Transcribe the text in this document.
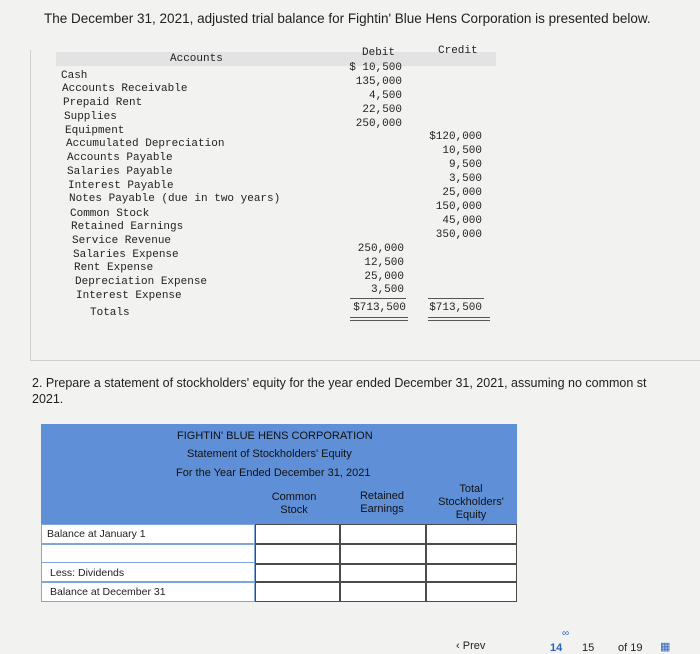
The December 31, 2021, adjusted trial balance for Fightin' Blue Hens Corporation is presented below.
Accounts	Debit	Credit
Cash
Accounts Receivable
Prepaid Rent
Supplies
Equipment
Accumulated Depreciation
Accounts Payable
Salaries Payable
Interest Payable
Notes Payable (due in two years)
Common Stock
Retained Earnings
Service Revenue
Salaries Expense
Rent Expense
Depreciation Expense
Interest Expense
Totals
$ 10,500
135,000
4,500
22,500
250,000
250,000
12,500
25,000
3,500
$713,500
$120,000
10,500
9,500
3,500
25,000
150,000
45,000
350,000
$713,500
2. Prepare a statement of stockholders' equity for the year ended December 31, 2021, assuming no common st
2021.
FIGHTIN' BLUE HENS CORPORATION
Statement of Stockholders' Equity
For the Year Ended December 31, 2021
Common
Stock
Retained
Earnings
Total
Stockholders'
Equity
Balance at January 1
Less: Dividends
Balance at December 31
‹ Prev
∞
14 15 of 19 ▦
